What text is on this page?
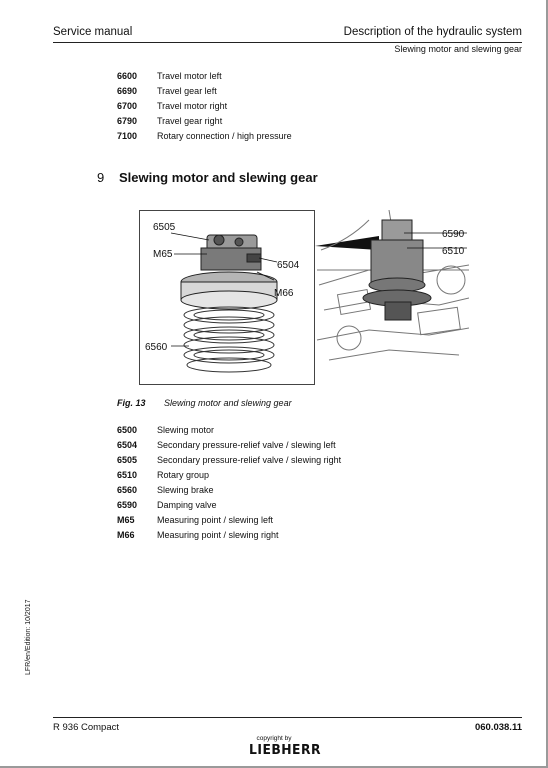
Service manual	Description of the hydraulic system
Slewing motor and slewing gear
6600	Travel motor left
6690	Travel gear left
6700	Travel motor right
6790	Travel gear right
7100	Rotary connection / high pressure
9 Slewing motor and slewing gear
6505
M65
6504
M66
6560
6590
6510
Fig. 13 Slewing motor and slewing gear
6500	Slewing motor
6504	Secondary pressure-relief valve / slewing left
6505	Secondary pressure-relief valve / slewing right
6510	Rotary group
6560	Slewing brake
6590	Damping valve
M65	Measuring point / slewing left
M66	Measuring point / slewing right
LFR/en/Edition: 10/2017
R 936 Compact	060.038.11
copyright by
LIEBHERR
